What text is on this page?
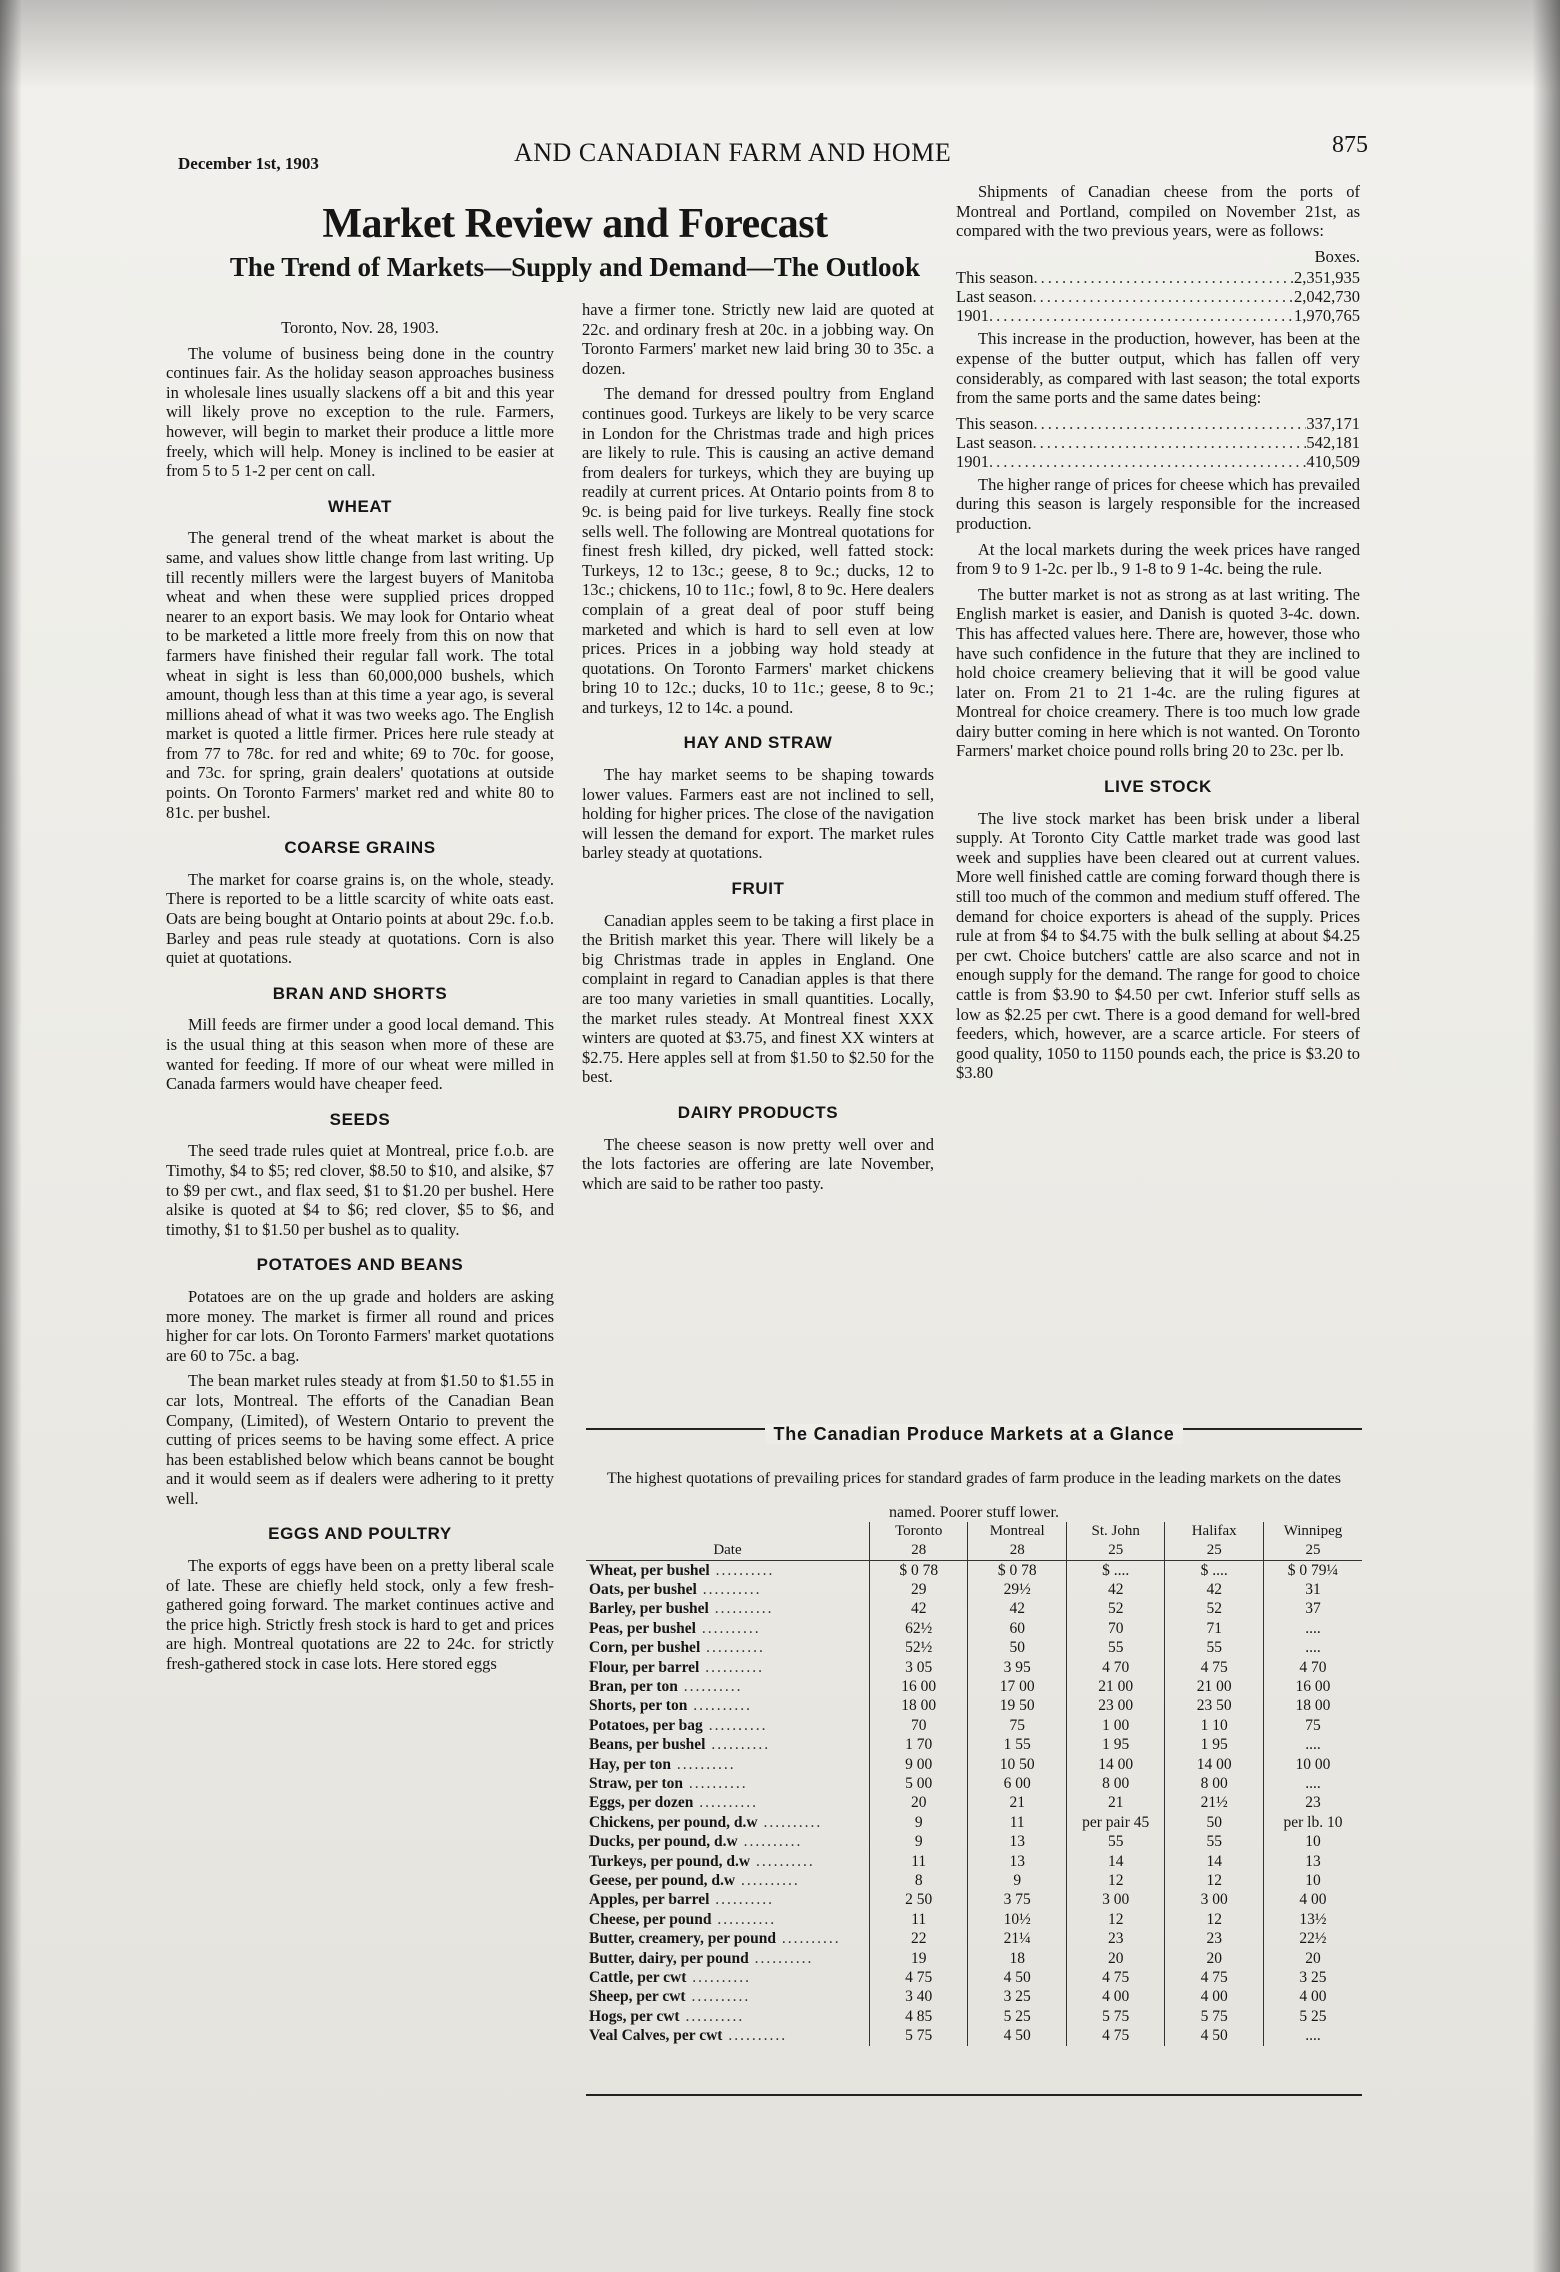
December 1st, 1903	AND CANADIAN FARM AND HOME	875
Market Review and Forecast
The Trend of Markets—Supply and Demand—The Outlook

Toronto, Nov. 28, 1903.

The volume of business being done in the country continues fair. As the holiday season approaches business in wholesale lines usually slackens off a bit and this year will likely prove no exception to the rule. Farmers, however, will begin to market their produce a little more freely, which will help. Money is inclined to be easier at from 5 to 5 1-2 per cent on call.

WHEAT

The general trend of the wheat market is about the same, and values show little change from last writing. Up till recently millers were the largest buyers of Manitoba wheat and when these were supplied prices dropped nearer to an export basis. We may look for Ontario wheat to be marketed a little more freely from this on now that farmers have finished their regular fall work. The total wheat in sight is less than 60,000,000 bushels, which amount, though less than at this time a year ago, is several millions ahead of what it was two weeks ago. The English market is quoted a little firmer. Prices here rule steady at from 77 to 78c. for red and white; 69 to 70c. for goose, and 73c. for spring, grain dealers' quotations at outside points. On Toronto Farmers' market red and white 80 to 81c. per bushel.

COARSE GRAINS

The market for coarse grains is, on the whole, steady. There is reported to be a little scarcity of white oats east. Oats are being bought at Ontario points at about 29c. f.o.b. Barley and peas rule steady at quotations. Corn is also quiet at quotations.

BRAN AND SHORTS

Mill feeds are firmer under a good local demand. This is the usual thing at this season when more of these are wanted for feeding. If more of our wheat were milled in Canada farmers would have cheaper feed.

SEEDS

The seed trade rules quiet at Montreal, price f.o.b. are Timothy, $4 to $5; red clover, $8.50 to $10, and alsike, $7 to $9 per cwt., and flax seed, $1 to $1.20 per bushel. Here alsike is quoted at $4 to $6; red clover, $5 to $6, and timothy, $1 to $1.50 per bushel as to quality.

POTATOES AND BEANS

Potatoes are on the up grade and holders are asking more money. The market is firmer all round and prices higher for car lots. On Toronto Farmers' market quotations are 60 to 75c. a bag.

The bean market rules steady at from $1.50 to $1.55 in car lots, Montreal. The efforts of the Canadian Bean Company, (Limited), of Western Ontario to prevent the cutting of prices seems to be having some effect. A price has been established below which beans cannot be bought and it would seem as if dealers were adhering to it pretty well.

EGGS AND POULTRY

The exports of eggs have been on a pretty liberal scale of late. These are chiefly held stock, only a few fresh-gathered going forward. The market continues active and the price high. Strictly fresh stock is hard to get and prices are high. Montreal quotations are 22 to 24c. for strictly fresh-gathered stock in case lots. Here stored eggs

have a firmer tone. Strictly new laid are quoted at 22c. and ordinary fresh at 20c. in a jobbing way. On Toronto Farmers' market new laid bring 30 to 35c. a dozen.

The demand for dressed poultry from England continues good. Turkeys are likely to be very scarce in London for the Christmas trade and high prices are likely to rule. This is causing an active demand from dealers for turkeys, which they are buying up readily at current prices. At Ontario points from 8 to 9c. is being paid for live turkeys. Really fine stock sells well. The following are Montreal quotations for finest fresh killed, dry picked, well fatted stock: Turkeys, 12 to 13c.; geese, 8 to 9c.; ducks, 12 to 13c.; chickens, 10 to 11c.; fowl, 8 to 9c. Here dealers complain of a great deal of poor stuff being marketed and which is hard to sell even at low prices. Prices in a jobbing way hold steady at quotations. On Toronto Farmers' market chickens bring 10 to 12c.; ducks, 10 to 11c.; geese, 8 to 9c.; and turkeys, 12 to 14c. a pound.

HAY AND STRAW

The hay market seems to be shaping towards lower values. Farmers east are not inclined to sell, holding for higher prices. The close of the navigation will lessen the demand for export. The market rules barley steady at quotations.

FRUIT

Canadian apples seem to be taking a first place in the British market this year. There will likely be a big Christmas trade in apples in England. One complaint in regard to Canadian apples is that there are too many varieties in small quantities. Locally, the market rules steady. At Montreal finest XXX winters are quoted at $3.75, and finest XX winters at $2.75. Here apples sell at from $1.50 to $2.50 for the best.

DAIRY PRODUCTS

The cheese season is now pretty well over and the lots factories are offering are late November, which are said to be rather too pasty.

Shipments of Canadian cheese from the ports of Montreal and Portland, compiled on November 21st, as compared with the two previous years, were as follows:

Boxes.
This season .....	2,351,935
Last season .....	2,042,730
1901 .....	1,970,765

This increase in the production, however, has been at the expense of the butter output, which has fallen off very considerably, as compared with last season; the total exports from the same ports and the same dates being:

This season .....	337,171
Last season .....	542,181
1901 .....	410,509

The higher range of prices for cheese which has prevailed during this season is largely responsible for the increased production.

At the local markets during the week prices have ranged from 9 to 9 1-2c. per lb., 9 1-8 to 9 1-4c. being the rule.

The butter market is not as strong as at last writing. The English market is easier, and Danish is quoted 3-4c. down. This has affected values here. There are, however, those who have such confidence in the future that they are inclined to hold choice creamery believing that it will be good value later on. From 21 to 21 1-4c. are the ruling figures at Montreal for choice creamery. There is too much low grade dairy butter coming in here which is not wanted. On Toronto Farmers' market choice pound rolls bring 20 to 23c. per lb.

LIVE STOCK

The live stock market has been brisk under a liberal supply. At Toronto City Cattle market trade was good last week and supplies have been cleared out at current values. More well finished cattle are coming forward though there is still too much of the common and medium stuff offered. The demand for choice exporters is ahead of the supply. Prices rule at from $4 to $4.75 with the bulk selling at about $4.25 per cwt. Choice butchers' cattle are also scarce and not in enough supply for the demand. The range for good to choice cattle is from $3.90 to $4.50 per cwt. Inferior stuff sells as low as $2.25 per cwt. There is a good demand for well-bred feeders, which, however, are a scarce article. For steers of good quality, 1050 to 1150 pounds each, the price is $3.20 to $3.80

The Canadian Produce Markets at a Glance
The highest quotations of prevailing prices for standard grades of farm produce in the leading markets on the dates named. Poorer stuff lower.
	Toronto	Montreal	St. John	Halifax	Winnipeg
Date	28	28	25	25	25
Wheat, per bushel ..........	$ 0 78	$ 0 78	$ ....	$ ....	$ 0 79¼
Oats, per bushel ..........	29	29½	42	42	31
Barley, per bushel ..........	42	42	52	52	37
Peas, per bushel ..........	62½	60	70	71	....
Corn, per bushel ..........	52½	50	55	55	....
Flour, per barrel ..........	3 05	3 95	4 70	4 75	4 70
Bran, per ton ..........	16 00	17 00	21 00	21 00	16 00
Shorts, per ton ..........	18 00	19 50	23 00	23 50	18 00
Potatoes, per bag ..........	70	75	1 00	1 10	75
Beans, per bushel ..........	1 70	1 55	1 95	1 95	....
Hay, per ton ..........	9 00	10 50	14 00	14 00	10 00
Straw, per ton ..........	5 00	6 00	8 00	8 00	....
Eggs, per dozen ..........	20	21	21	21½	23
Chickens, per pound, d.w ..........	9	11	per pair 45	50	per lb. 10
Ducks, per pound, d.w ..........	9	13	55	55	10
Turkeys, per pound, d.w ..........	11	13	14	14	13
Geese, per pound, d.w ..........	8	9	12	12	10
Apples, per barrel ..........	2 50	3 75	3 00	3 00	4 00
Cheese, per pound ..........	11	10½	12	12	13½
Butter, creamery, per pound ..........	22	21¼	23	23	22½
Butter, dairy, per pound ..........	19	18	20	20	20
Cattle, per cwt ..........	4 75	4 50	4 75	4 75	3 25
Sheep, per cwt ..........	3 40	3 25	4 00	4 00	4 00
Hogs, per cwt ..........	4 85	5 25	5 75	5 75	5 25
Veal Calves, per cwt ..........	5 75	4 50	4 75	4 50	....
